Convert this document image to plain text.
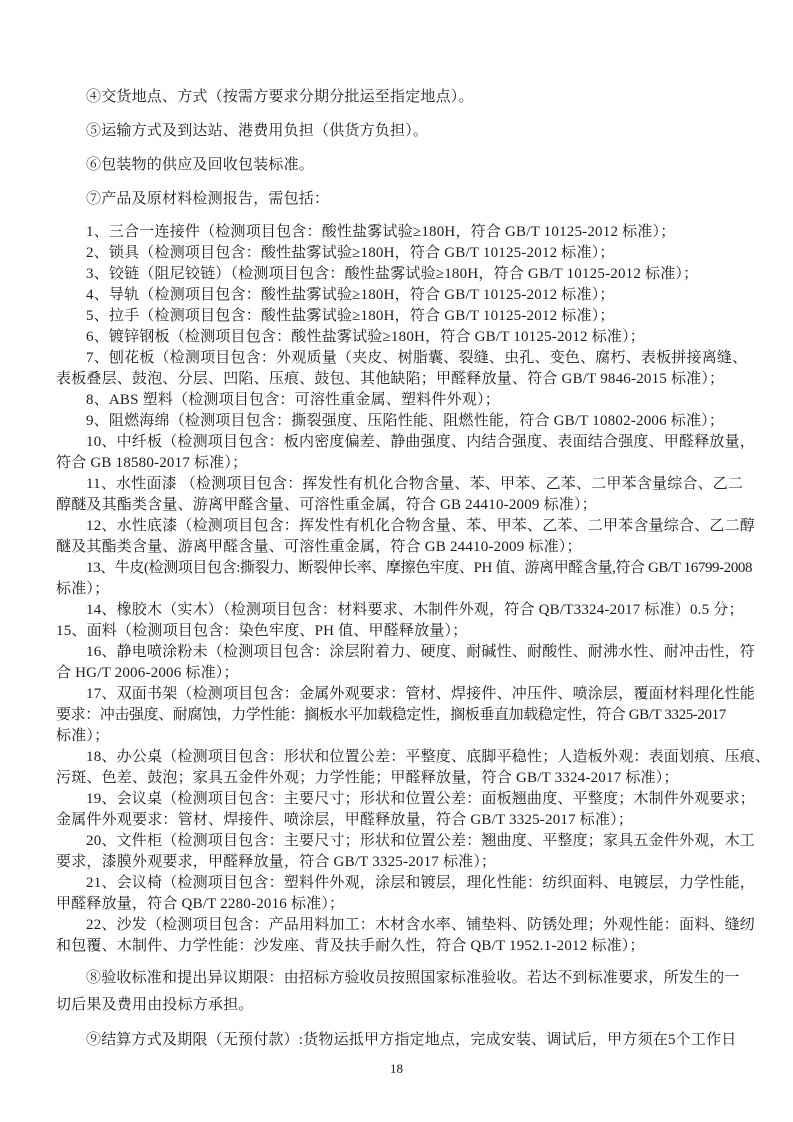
④交货地点、方式（按需方要求分期分批运至指定地点）。
⑤运输方式及到达站、港费用负担（供货方负担）。
⑥包装物的供应及回收包装标准。
⑦产品及原材料检测报告，需包括：
1、三合一连接件（检测项目包含：酸性盐雾试验≥180H，符合 GB/T 10125-2012 标准）；
2、锁具（检测项目包含：酸性盐雾试验≥180H，符合 GB/T 10125-2012 标准）；
3、铰链（阻尼铰链）（检测项目包含：酸性盐雾试验≥180H，符合 GB/T 10125-2012 标准）；
4、导轨（检测项目包含：酸性盐雾试验≥180H，符合 GB/T 10125-2012 标准）；
5、拉手（检测项目包含：酸性盐雾试验≥180H，符合 GB/T 10125-2012 标准）；
6、镀锌钢板（检测项目包含：酸性盐雾试验≥180H，符合 GB/T 10125-2012 标准）；
7、刨花板（检测项目包含：外观质量（夹皮、树脂囊、裂缝、虫孔、变色、腐朽、表板拼接离缝、
表板叠层、鼓泡、分层、凹陷、压痕、鼓包、其他缺陷；甲醛释放量、符合 GB/T 9846-2015 标准）；
8、ABS 塑料（检测项目包含：可溶性重金属、塑料件外观）；
9、阻燃海绵（检测项目包含：撕裂强度、压陷性能、阻燃性能，符合 GB/T 10802-2006 标准）；
10、中纤板（检测项目包含：板内密度偏差、静曲强度、内结合强度、表面结合强度、甲醛释放量，
符合 GB 18580-2017 标准）；
11、水性面漆 （检测项目包含：挥发性有机化合物含量、苯、甲苯、乙苯、二甲苯含量综合、乙二
醇醚及其酯类含量、游离甲醛含量、可溶性重金属，符合 GB 24410-2009 标准）；
12、水性底漆（检测项目包含：挥发性有机化合物含量、苯、甲苯、乙苯、二甲苯含量综合、乙二醇
醚及其酯类含量、游离甲醛含量、可溶性重金属，符合 GB 24410-2009 标准）；
13、牛皮(检测项目包含:撕裂力、断裂伸长率、摩擦色牢度、PH 值、游离甲醛含量,符合 GB/T 16799-2008
标准）；
14、橡胶木（实木）（检测项目包含：材料要求、木制件外观，符合 QB/T3324-2017 标准）0.5 分；
15、面料（检测项目包含：染色牢度、PH 值、甲醛释放量）；
16、静电喷涂粉未（检测项目包含：涂层附着力、硬度、耐碱性、耐酸性、耐沸水性、耐冲击性，符
合 HG/T 2006-2006 标准）；
17、双面书架（检测项目包含：金属外观要求：管材、焊接件、冲压件、喷涂层，覆面材料理化性能
要求：冲击强度、耐腐蚀，力学性能：搁板水平加载稳定性，搁板垂直加载稳定性，符合 GB/T 3325-2017
标准）；
18、办公桌（检测项目包含：形状和位置公差：平整度、底脚平稳性；人造板外观：表面划痕、压痕、
污斑、色差、鼓泡；家具五金件外观；力学性能；甲醛释放量，符合 GB/T 3324-2017 标准）；
19、会议桌（检测项目包含：主要尺寸；形状和位置公差：面板翘曲度、平整度；木制件外观要求；
金属件外观要求：管材、焊接件、喷涂层，甲醛释放量，符合 GB/T 3325-2017 标准）；
20、文件柜（检测项目包含：主要尺寸；形状和位置公差：翘曲度、平整度；家具五金件外观，木工
要求，漆膜外观要求，甲醛释放量，符合 GB/T 3325-2017 标准）；
21、会议椅（检测项目包含：塑料件外观，涂层和镀层，理化性能：纺织面料、电镀层，力学性能，
甲醛释放量，符合 QB/T 2280-2016 标准）；
22、沙发（检测项目包含：产品用料加工：木材含水率、铺垫料、防锈处理；外观性能：面料、缝纫
和包覆、木制件、力学性能：沙发座、背及扶手耐久性，符合 QB/T 1952.1-2012 标准）；
⑧验收标准和提出异议期限：由招标方验收员按照国家标准验收。若达不到标准要求，所发生的一
切后果及费用由投标方承担。
⑨结算方式及期限（无预付款）:货物运抵甲方指定地点，完成安装、调试后，甲方须在5个工作日
18
